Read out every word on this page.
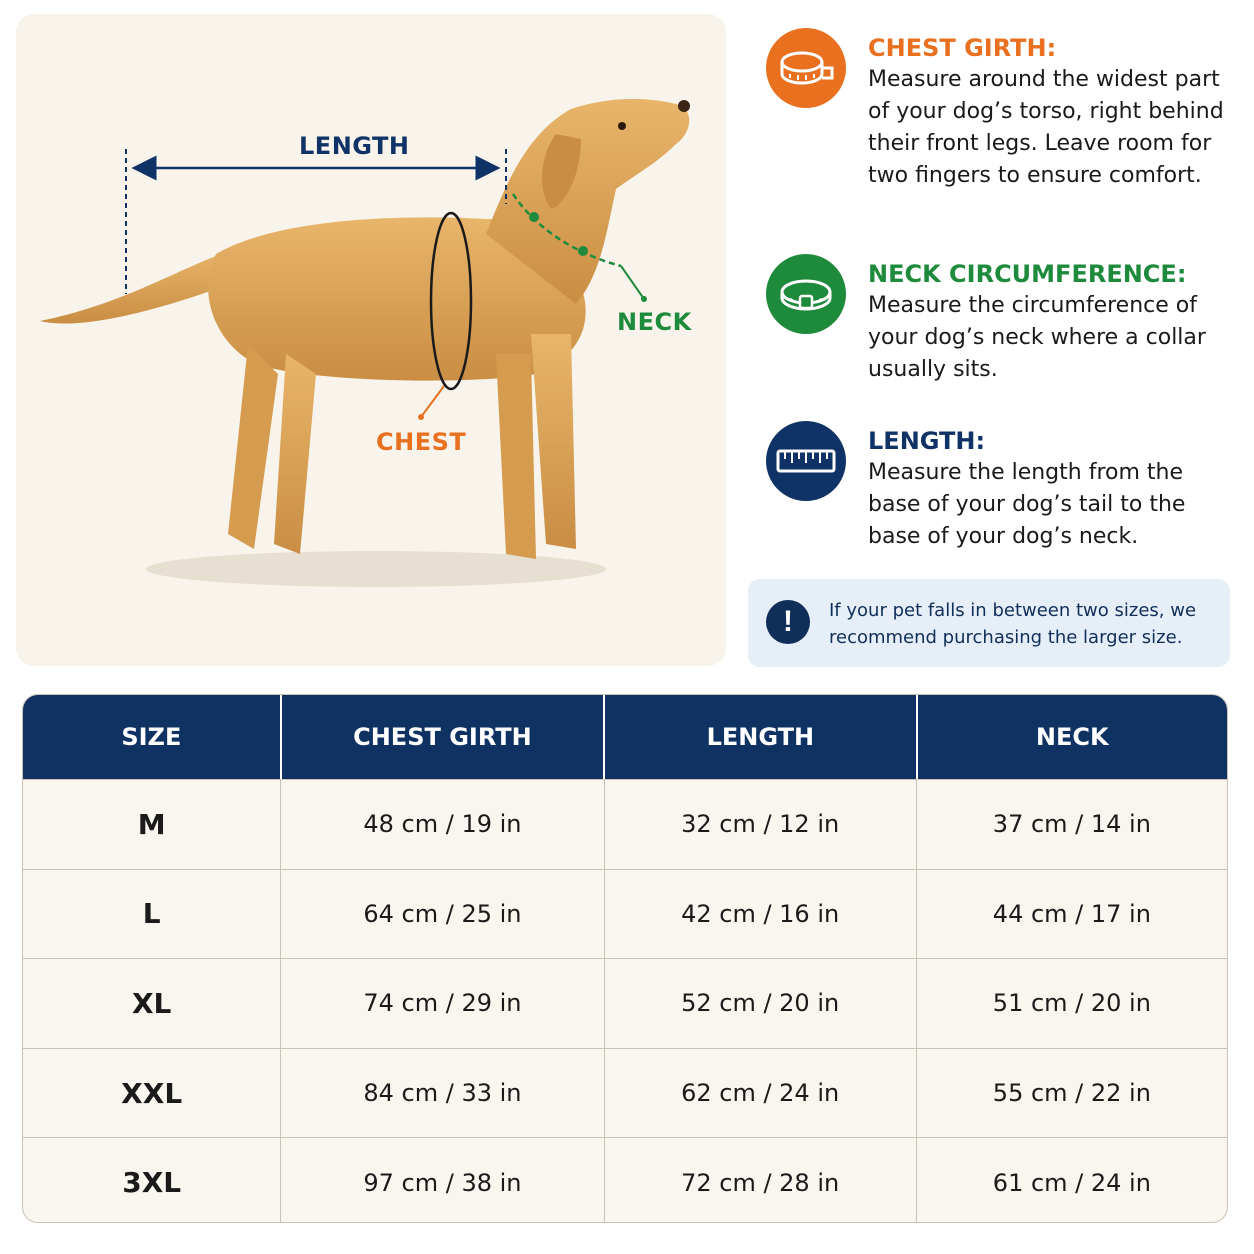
LENGTH
NECK
CHEST
CHEST GIRTH:
Measure around the widest part of your dog’s torso, right behind their front legs. Leave room for two fingers to ensure comfort.
NECK CIRCUMFERENCE:
Measure the circumference of your dog’s neck where a collar usually sits.
LENGTH:
Measure the length from the base of your dog’s tail to the base of your dog’s neck.
!	If your pet falls in between two sizes, we recommend purchasing the larger size.
SIZE	CHEST GIRTH	LENGTH	NECK
M	48 cm / 19 in	32 cm / 12 in	37 cm / 14 in
L	64 cm / 25 in	42 cm / 16 in	44 cm / 17 in
XL	74 cm / 29 in	52 cm / 20 in	51 cm / 20 in
XXL	84 cm / 33 in	62 cm / 24 in	55 cm / 22 in
3XL	97 cm / 38 in	72 cm / 28 in	61 cm / 24 in
